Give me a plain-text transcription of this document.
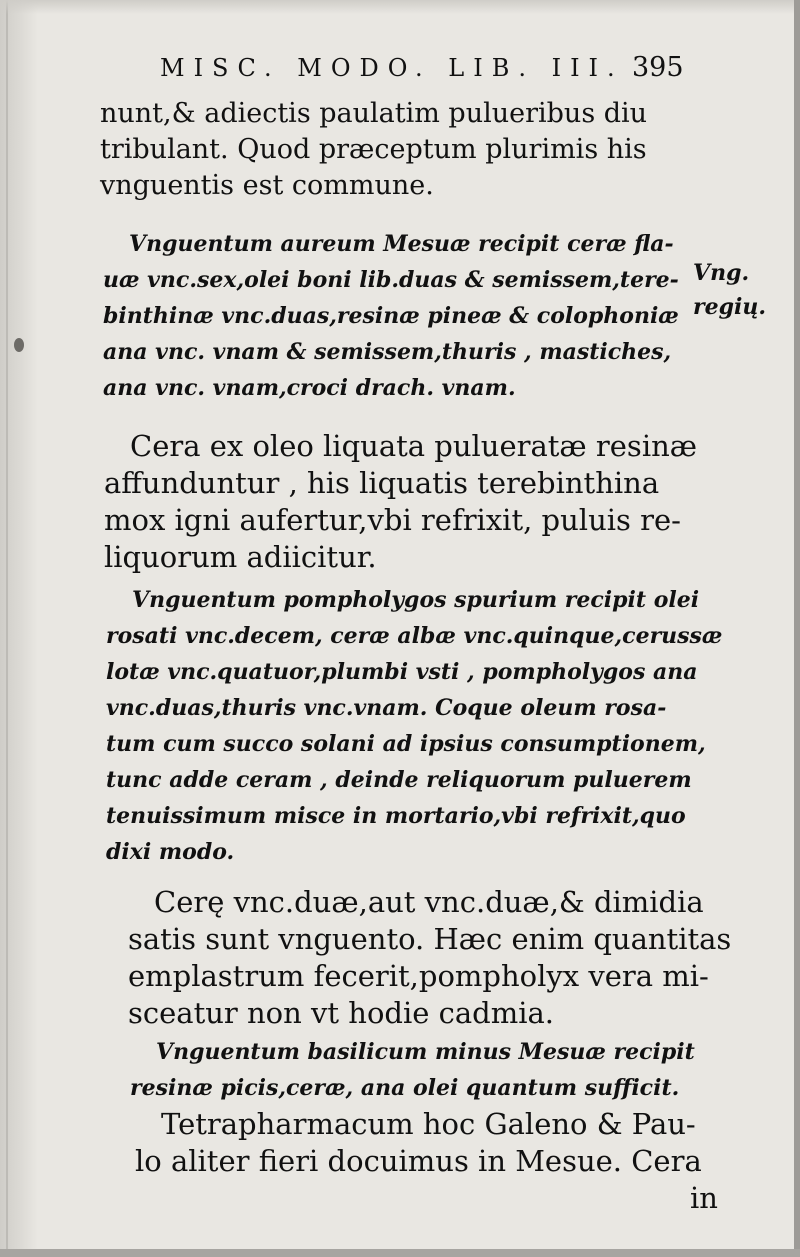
MISC. MODO. LIB. III. 395
Vng.
regių.
nunt,& adiectis paulatim pulueribus diu
tribulant. Quod præceptum plurimis his
vnguentis est commune.
Vnguentum aureum Mesuæ recipit ceræ fla-
uæ vnc.sex,olei boni lib.duas & semissem,tere-
binthinæ vnc.duas,resinæ pineæ & colophoniæ
ana vnc. vnam & semissem,thuris , mastiches,
ana vnc. vnam,croci drach. vnam.
Cera ex oleo liquata pulueratæ resinæ
affunduntur , his liquatis terebinthina
mox igni aufertur,vbi refrixit, puluis re-
liquorum adiicitur.
Vnguentum pompholygos spurium recipit olei
rosati vnc.decem, ceræ albæ vnc.quinque,cerussæ
lotæ vnc.quatuor,plumbi vsti , pompholygos ana
vnc.duas,thuris vnc.vnam. Coque oleum rosa-
tum cum succo solani ad ipsius consumptionem,
tunc adde ceram , deinde reliquorum puluerem
tenuissimum misce in mortario,vbi refrixit,quo
dixi modo.
Cerę vnc.duæ,aut vnc.duæ,& dimidia
satis sunt vnguento. Hæc enim quantitas
emplastrum fecerit,pompholyx vera mi-
sceatur non vt hodie cadmia.
Vnguentum basilicum minus Mesuæ recipit
resinæ picis,ceræ, ana olei quantum sufficit.
Tetrapharmacum hoc Galeno & Pau-
lo aliter fieri docuimus in Mesue. Cera
in
